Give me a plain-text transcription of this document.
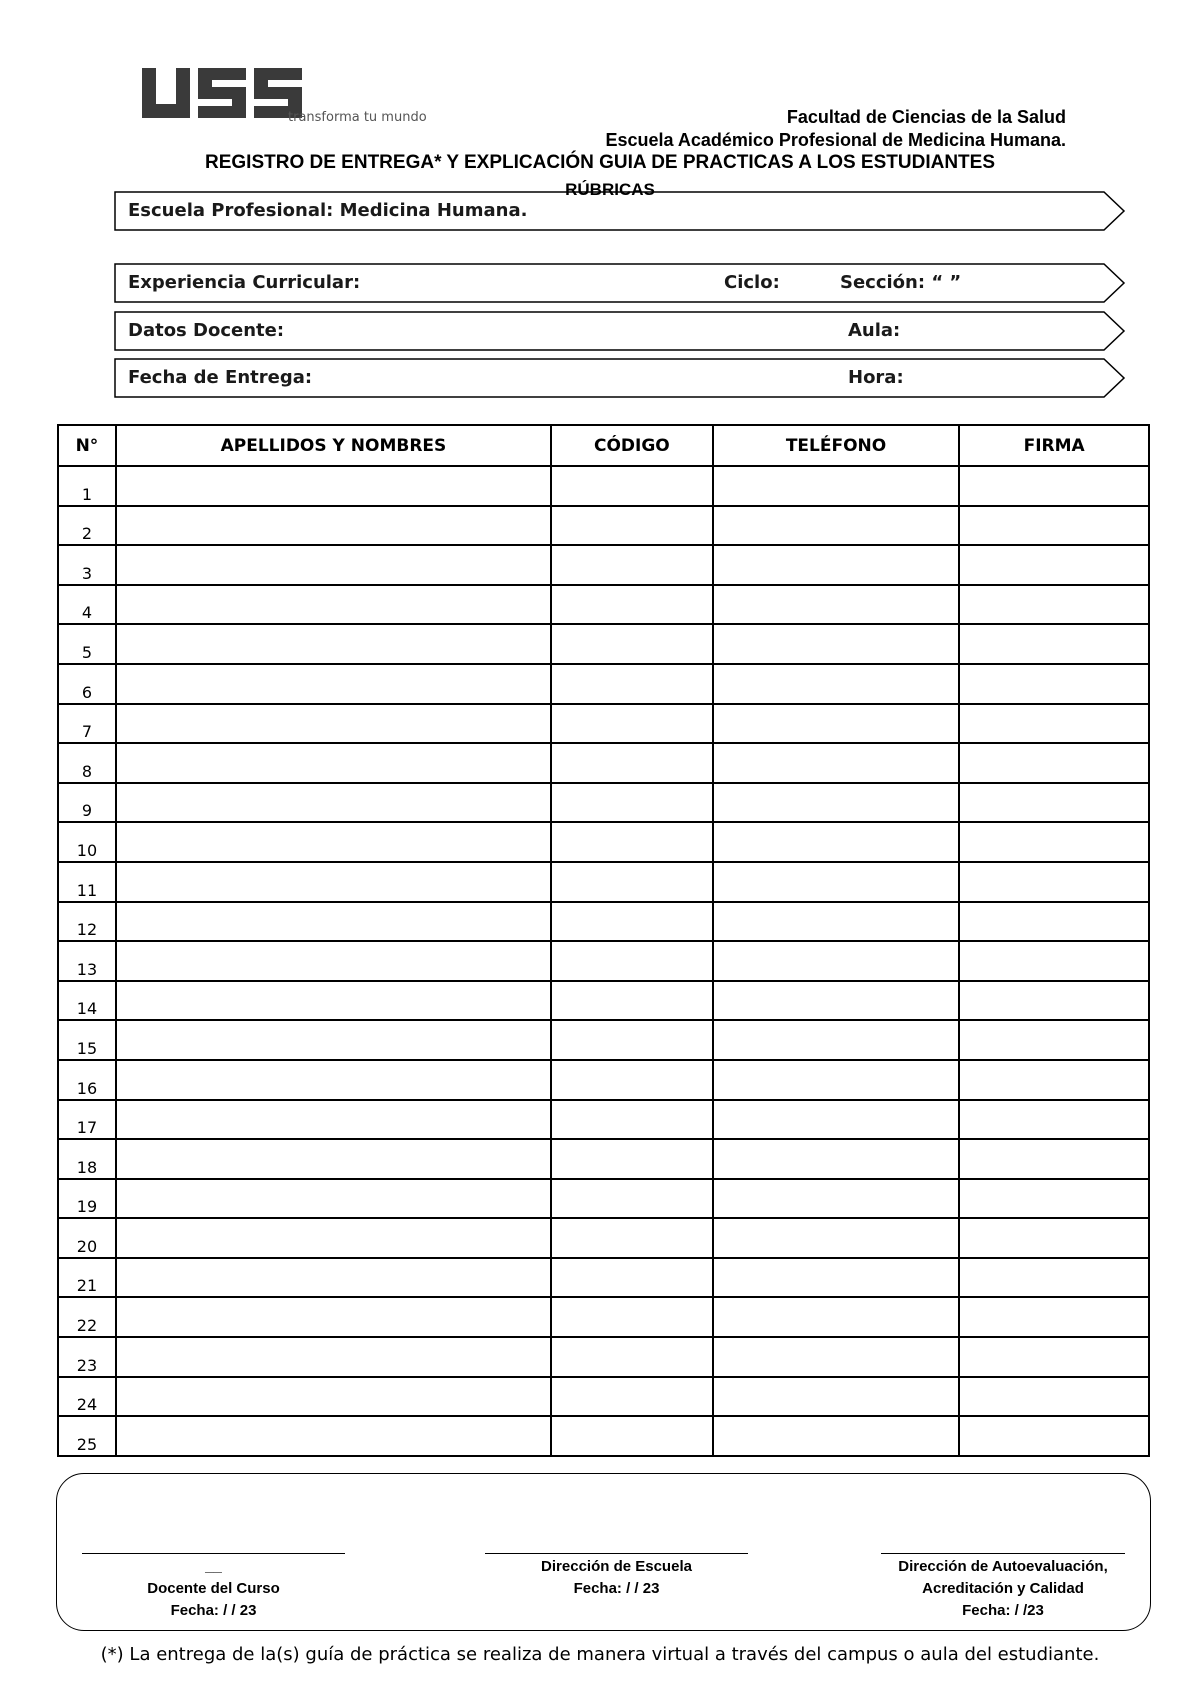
transforma tu mundo	Facultad de Ciencias de la Salud
Escuela Académico Profesional de Medicina Humana.
REGISTRO DE ENTREGA* Y EXPLICACIÓN GUIA DE PRACTICAS A LOS ESTUDIANTES
RÚBRICAS
Escuela Profesional: Medicina Humana.
Experiencia Curricular:	Ciclo:	Sección: “ ”
Datos Docente:	Aula:
Fecha de Entrega:	Hora:
N°	APELLIDOS Y NOMBRES	CÓDIGO	TELÉFONO	FIRMA
1				
2				
3				
4				
5				
6				
7				
8				
9				
10				
11				
12				
13				
14				
15				
16				
17				
18				
19				
20				
21				
22				
23				
24				
25				
__
Docente del Curso
Fecha: / / 23
Dirección de Escuela
Fecha: / / 23
Dirección de Autoevaluación,
Acreditación y Calidad
Fecha: / /23
(*) La entrega de la(s) guía de práctica se realiza de manera virtual a través del campus o aula del estudiante.
